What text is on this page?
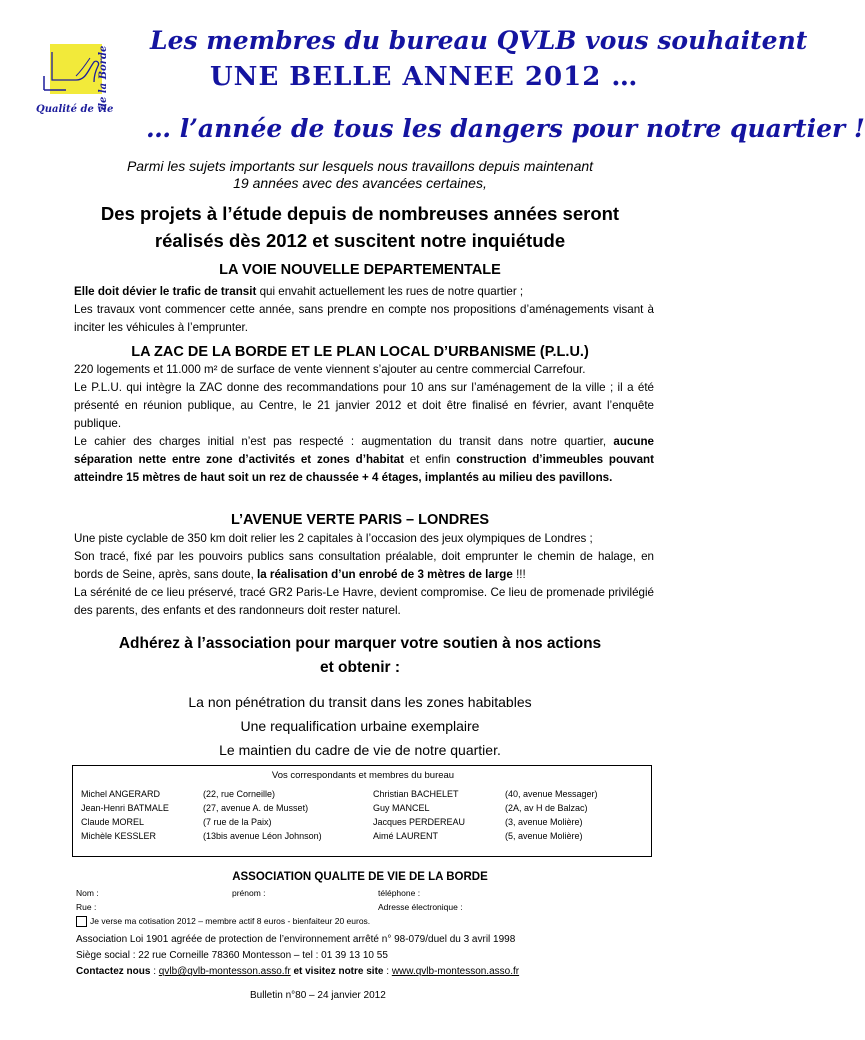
de la Borde
Qualité de vie
Les membres du bureau QVLB vous souhaitent
UNE BELLE ANNEE 2012 …
… l’année de tous les dangers pour notre quartier !
Parmi les sujets importants sur lesquels nous travaillons depuis maintenant
19 années avec des avancées certaines,
Des projets à l’étude depuis de nombreuses années seront
réalisés dès 2012 et suscitent notre inquiétude
LA VOIE NOUVELLE DEPARTEMENTALE
Elle doit dévier le trafic de transit qui envahit actuellement les rues de notre quartier ;
Les travaux vont commencer cette année, sans prendre en compte nos propositions d’aménagements visant à inciter les véhicules à l’emprunter.
LA ZAC DE LA BORDE ET LE PLAN LOCAL D’URBANISME (P.L.U.)
220 logements et 11.000 m² de surface de vente viennent s’ajouter au centre commercial Carrefour.
Le P.L.U. qui intègre la ZAC donne des recommandations pour 10 ans sur l’aménagement de la ville ; il a été présenté en réunion publique, au Centre, le 21 janvier 2012 et doit être finalisé en février, avant l’enquête publique.
Le cahier des charges initial n’est pas respecté : augmentation du transit dans notre quartier, aucune séparation nette entre zone d’activités et zones d’habitat et enfin construction d’immeubles pouvant atteindre 15 mètres de haut soit un rez de chaussée + 4 étages, implantés au milieu des pavillons.
L’AVENUE VERTE PARIS – LONDRES
Une piste cyclable de 350 km doit relier les 2 capitales à l’occasion des jeux olympiques de Londres ;
Son tracé, fixé par les pouvoirs publics sans consultation préalable, doit emprunter le chemin de halage, en bords de Seine, après, sans doute, la réalisation d’un enrobé de 3 mètres de large !!!
La sérénité de ce lieu préservé, tracé GR2 Paris-Le Havre, devient compromise. Ce lieu de promenade privilégié des parents, des enfants et des randonneurs doit rester naturel.
Adhérez à l’association pour marquer votre soutien à nos actions
et obtenir :
La non pénétration du transit dans les zones habitables
Une requalification urbaine exemplaire
Le maintien du cadre de vie de notre quartier.
Vos correspondants et membres du bureau
Michel ANGERARD	(22, rue Corneille)	Christian BACHELET	(40, avenue Messager)
Jean-Henri BATMALE	(27, avenue A. de Musset)	Guy MANCEL	(2A, av H de Balzac)
Claude MOREL	(7 rue de la Paix)	Jacques PERDEREAU	(3, avenue Molière)
Michèle KESSLER	(13bis avenue Léon Johnson)	Aimé LAURENT	(5, avenue Molière)
ASSOCIATION QUALITE DE VIE DE LA BORDE
Nom :	prénom :	téléphone :
Rue :	Adresse électronique :
Je verse ma cotisation 2012 – membre actif 8 euros - bienfaiteur 20 euros.
Association Loi 1901 agréée de protection de l’environnement arrêté n° 98-079/duel du 3 avril 1998
Siège social : 22 rue Corneille 78360 Montesson – tel : 01 39 13 10 55
Contactez nous : qvlb@qvlb-montesson.asso.fr et visitez notre site : www.qvlb-montesson.asso.fr
Bulletin n°80 – 24 janvier 2012
